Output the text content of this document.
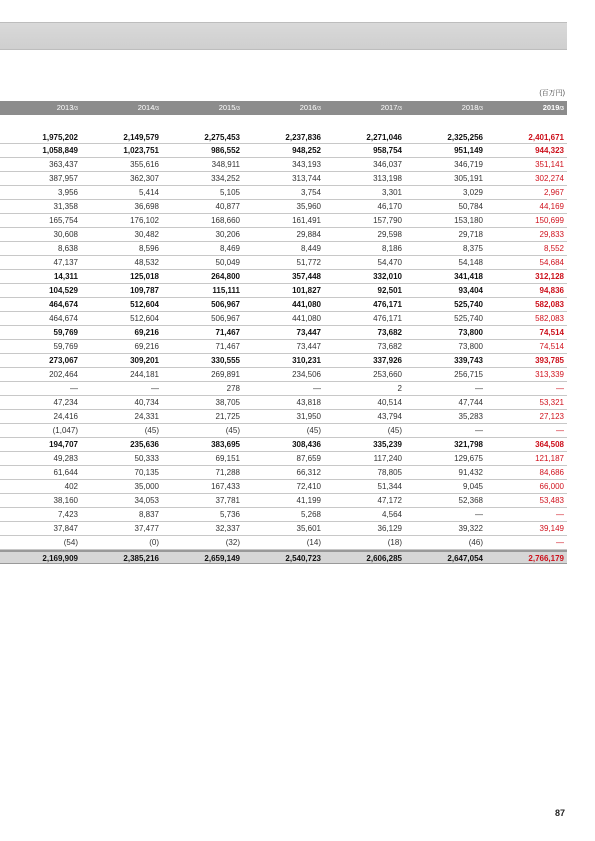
(百万円)
2013/3	2014/3	2015/3	2016/3	2017/3	2018/3	2019/3
1,975,202	2,149,579	2,275,453	2,237,836	2,271,046	2,325,256	2,401,671
1,058,849	1,023,751	986,552	948,252	958,754	951,149	944,323
363,437	355,616	348,911	343,193	346,037	346,719	351,141
387,957	362,307	334,252	313,744	313,198	305,191	302,274
3,956	5,414	5,105	3,754	3,301	3,029	2,967
31,358	36,698	40,877	35,960	46,170	50,784	44,169
165,754	176,102	168,660	161,491	157,790	153,180	150,699
30,608	30,482	30,206	29,884	29,598	29,718	29,833
8,638	8,596	8,469	8,449	8,186	8,375	8,552
47,137	48,532	50,049	51,772	54,470	54,148	54,684
14,311	125,018	264,800	357,448	332,010	341,418	312,128
104,529	109,787	115,111	101,827	92,501	93,404	94,836
464,674	512,604	506,967	441,080	476,171	525,740	582,083
464,674	512,604	506,967	441,080	476,171	525,740	582,083
59,769	69,216	71,467	73,447	73,682	73,800	74,514
59,769	69,216	71,467	73,447	73,682	73,800	74,514
273,067	309,201	330,555	310,231	337,926	339,743	393,785
202,464	244,181	269,891	234,506	253,660	256,715	313,339
—	—	278	—	2	—	—
47,234	40,734	38,705	43,818	40,514	47,744	53,321
24,416	24,331	21,725	31,950	43,794	35,283	27,123
(1,047)	(45)	(45)	(45)	(45)	—	—
194,707	235,636	383,695	308,436	335,239	321,798	364,508
49,283	50,333	69,151	87,659	117,240	129,675	121,187
61,644	70,135	71,288	66,312	78,805	91,432	84,686
402	35,000	167,433	72,410	51,344	9,045	66,000
38,160	34,053	37,781	41,199	47,172	52,368	53,483
7,423	8,837	5,736	5,268	4,564	—	—
37,847	37,477	32,337	35,601	36,129	39,322	39,149
(54)	(0)	(32)	(14)	(18)	(46)	—
2,169,909	2,385,216	2,659,149	2,540,723	2,606,285	2,647,054	2,766,179
87
